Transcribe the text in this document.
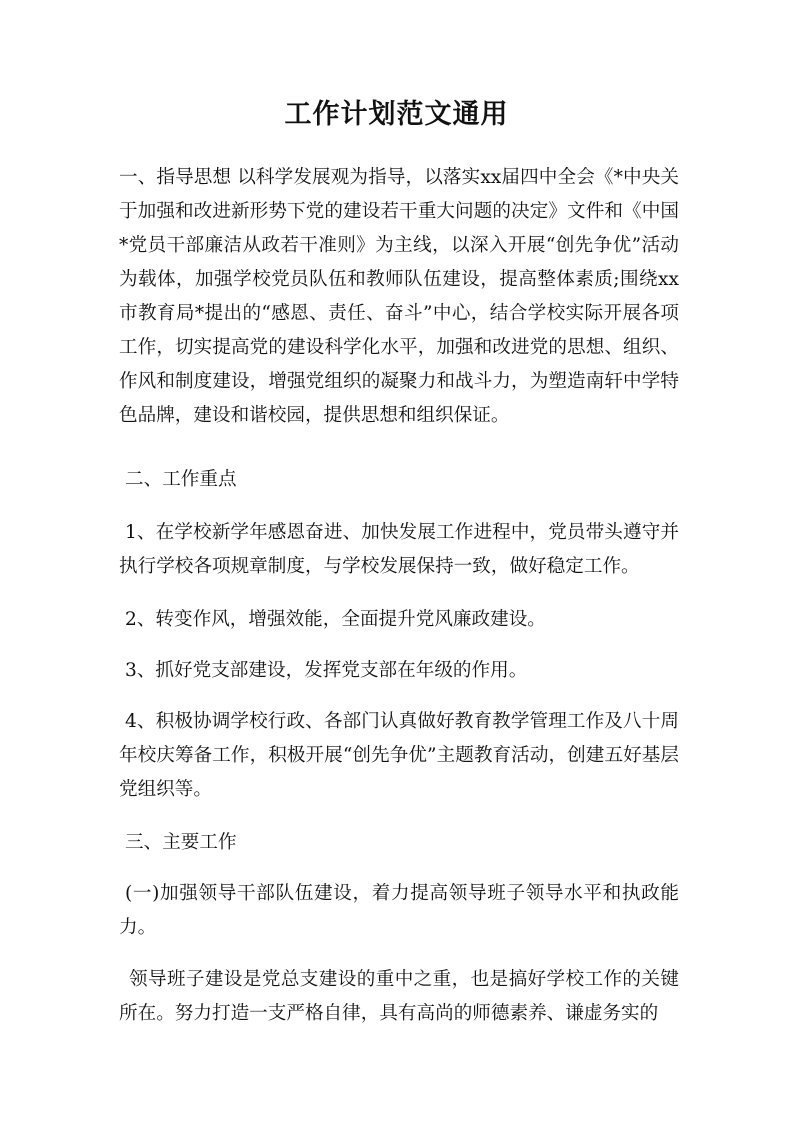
工作计划范文通用
一、指导思想 以科学发展观为指导，以落实xx届四中全会《*中央关于加强和改进新形势下党的建设若干重大问题的决定》文件和《中国*党员干部廉洁从政若干准则》为主线，以深入开展“创先争优”活动为载体，加强学校党员队伍和教师队伍建设，提高整体素质;围绕xx市教育局*提出的“感恩、责任、奋斗”中心，结合学校实际开展各项工作，切实提高党的建设科学化水平，加强和改进党的思想、组织、作风和制度建设，增强党组织的凝聚力和战斗力，为塑造南轩中学特色品牌，建设和谐校园，提供思想和组织保证。
二、工作重点
1、在学校新学年感恩奋进、加快发展工作进程中，党员带头遵守并执行学校各项规章制度，与学校发展保持一致，做好稳定工作。
2、转变作风，增强效能，全面提升党风廉政建设。
3、抓好党支部建设，发挥党支部在年级的作用。
4、积极协调学校行政、各部门认真做好教育教学管理工作及八十周年校庆筹备工作，积极开展“创先争优”主题教育活动，创建五好基层党组织等。
三、主要工作
(一)加强领导干部队伍建设，着力提高领导班子领导水平和执政能力。
领导班子建设是党总支建设的重中之重，也是搞好学校工作的关键所在。努力打造一支严格自律，具有高尚的师德素养、谦虚务实的
